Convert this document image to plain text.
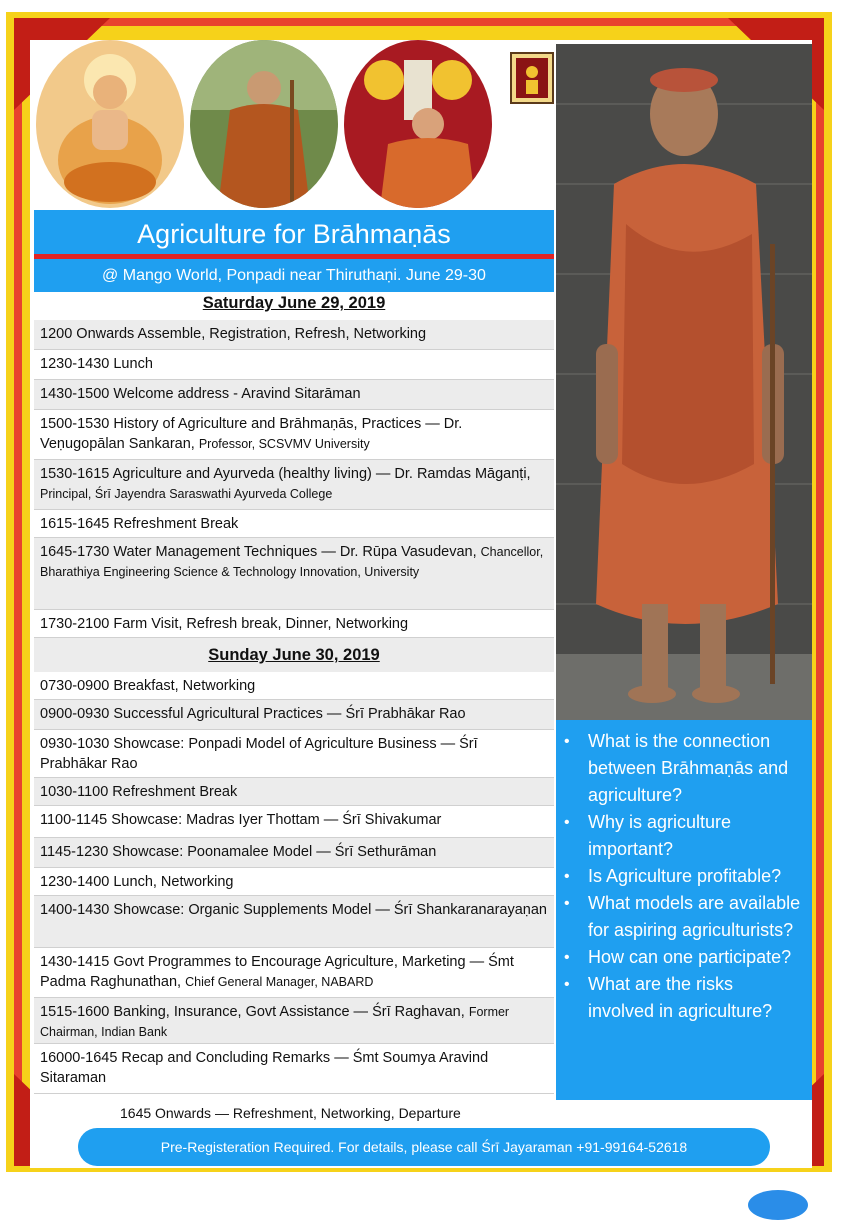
Agriculture for Brāhmaṇās
@ Mango World, Ponpadi near Thiruthaṇi. June 29-30
Saturday June 29, 2019
1200 Onwards Assemble, Registration, Refresh, Networking
1230-1430 Lunch
1430-1500 Welcome address - Aravind Sitarāman
1500-1530 History of Agriculture and Brāhmaṇās, Practices — Dr. Veṇugopālan Sankaran, Professor, SCSVMV University
1530-1615 Agriculture and Ayurveda (healthy living) — Dr. Ramdas Māganṭi, Principal, Śrī Jayendra Saraswathi Ayurveda College
1615-1645 Refreshment Break
1645-1730 Water Management Techniques — Dr. Rūpa Vasudevan, Chancellor, Bharathiya Engineering Science & Technology Innovation, University
1730-2100 Farm Visit, Refresh break, Dinner, Networking
Sunday June 30, 2019
0730-0900 Breakfast, Networking
0900-0930 Successful Agricultural Practices — Śrī Prabhākar Rao
0930-1030 Showcase: Ponpadi Model of Agriculture Business — Śrī Prabhākar Rao
1030-1100 Refreshment Break
1100-1145 Showcase: Madras Iyer Thottam — Śrī Shivakumar
1145-1230 Showcase: Poonamalee Model — Śrī Sethurāman
1230-1400 Lunch, Networking
1400-1430 Showcase: Organic Supplements Model — Śrī Shankaranarayaṇan
1430-1415 Govt Programmes to Encourage Agriculture, Marketing — Śmt Padma Raghunathan, Chief General Manager, NABARD
1515-1600 Banking, Insurance, Govt Assistance — Śrī Raghavan, Former Chairman, Indian Bank
16000-1645 Recap and Concluding Remarks — Śmt Soumya Aravind Sitaraman
• What is the connection between Brāhmaṇās and agriculture?
• Why is agriculture important?
• Is Agriculture profitable?
• What models are available for aspiring agriculturists?
• How can one participate?
• What are the risks involved in agriculture?
1645 Onwards — Refreshment, Networking, Departure
Pre-Registeration Required. For details, please call Śrī Jayaraman +91-99164-52618
